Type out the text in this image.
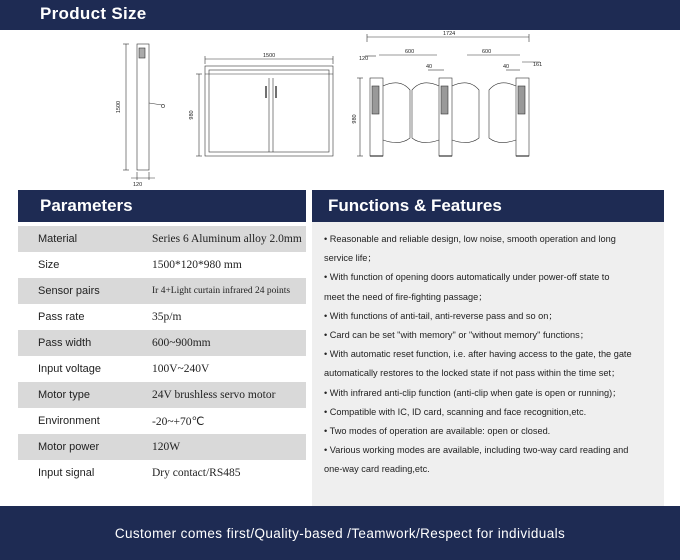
Product Size
1500
120
1500
980
1724
600	600
40	40
120
161
980
Parameters	Functions & Features
Material	Series 6 Aluminum alloy 2.0mm
Size	1500*120*980 mm
Sensor pairs	Ir 4+Light curtain infrared 24 points
Pass rate	35p/m
Pass width	600~900mm
Input voltage	100V~240V
Motor type	24V brushless servo motor
Environment	-20~+70℃
Motor power	120W
Input signal	Dry contact/RS485
• Reasonable and reliable design, low noise, smooth operation and long
service life；
• With function of opening doors automatically under power-off state to
meet the need of fire-fighting passage；
• With functions of anti-tail, anti-reverse pass and so on；
• Card can be set "with memory" or "without memory" functions；
• With automatic reset function, i.e. after having access to the gate, the gate
automatically restores to the locked state if not pass within the time set；
• With infrared anti-clip function (anti-clip when gate is open or running)；
• Compatible with IC, ID card, scanning and face recognition,etc.
• Two modes of operation are available: open or closed.
• Various working modes are available, including two-way card reading and
one-way card reading,etc.
Customer comes first/Quality-based /Teamwork/Respect for individuals
